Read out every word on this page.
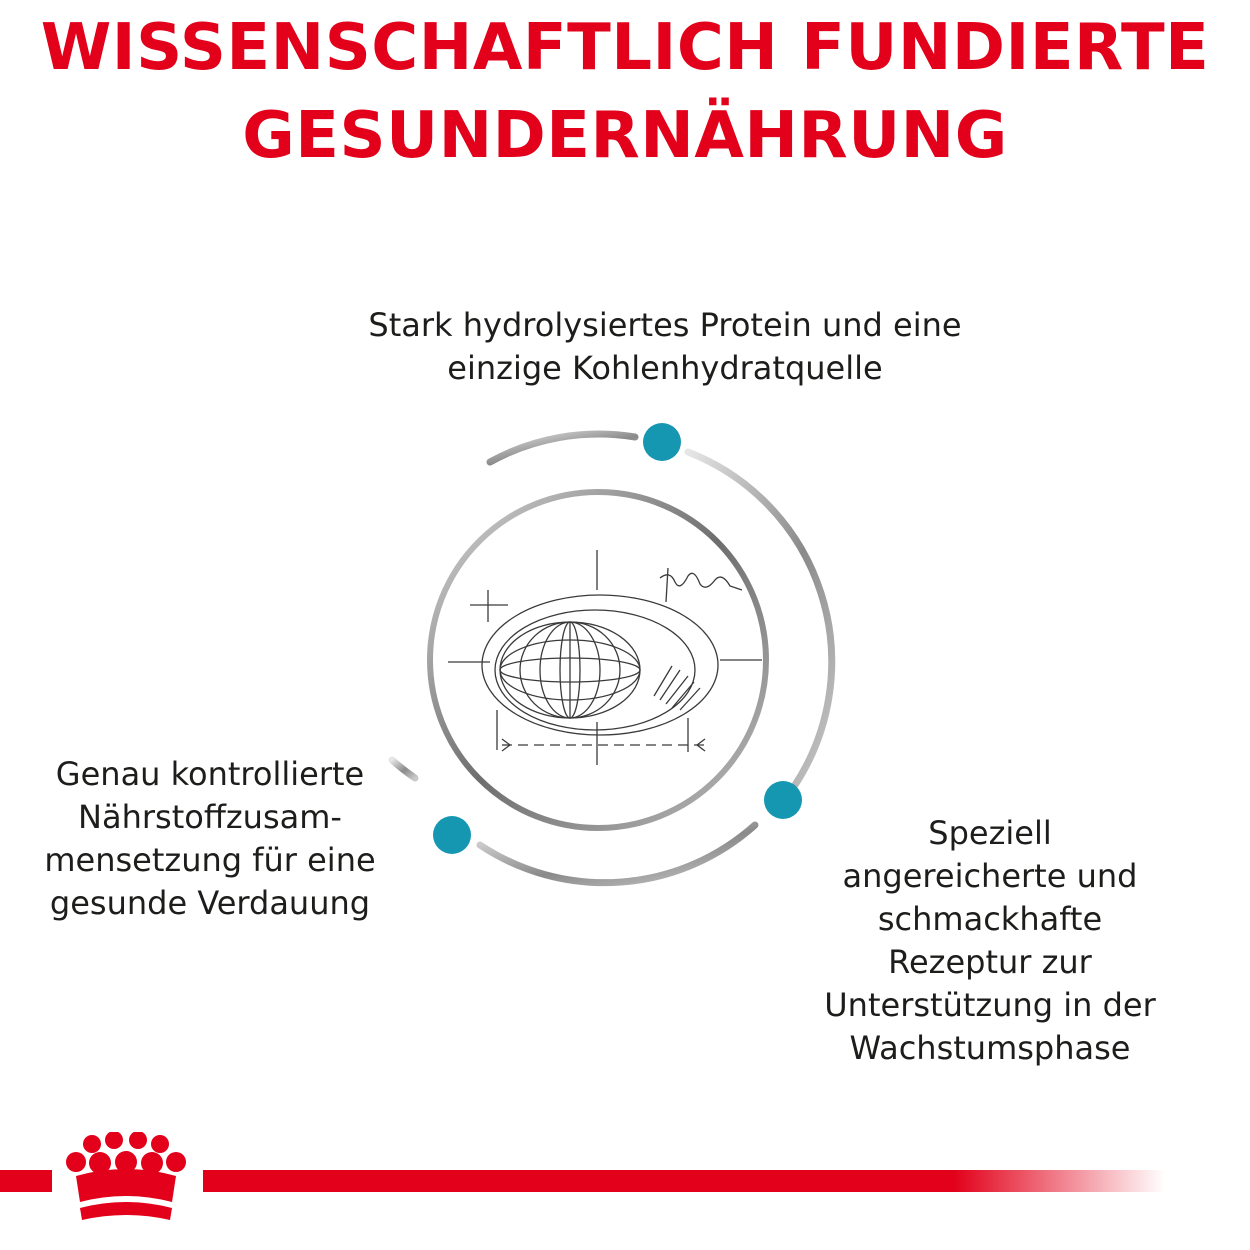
WISSENSCHAFTLICH FUNDIERTE
GESUNDERNÄHRUNG
Stark hydrolysiertes Protein und eine
einzige Kohlenhydratquelle
Genau kontrollierte
Nährstoffzusam-
mensetzung für eine
gesunde Verdauung
Speziell
angereicherte und
schmackhafte
Rezeptur zur
Unterstützung in der
Wachstumsphase
